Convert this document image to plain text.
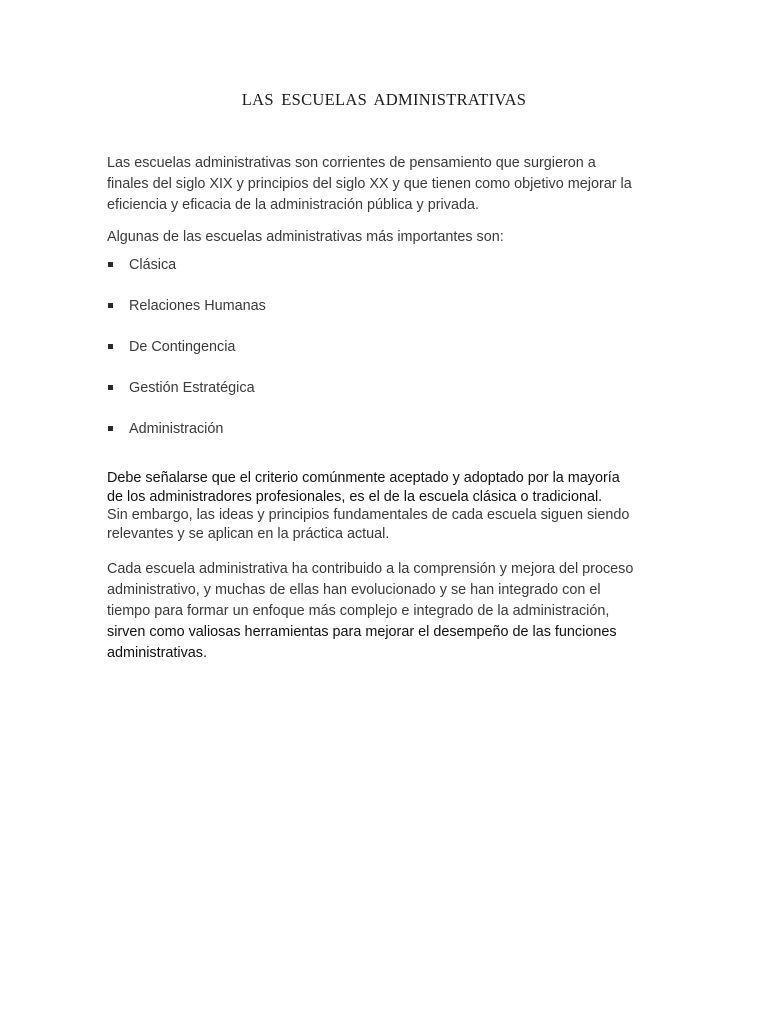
LAS ESCUELAS ADMINISTRATIVAS

Las escuelas administrativas son corrientes de pensamiento que surgieron a
finales del siglo XIX y principios del siglo XX y que tienen como objetivo mejorar la
eficiencia y eficacia de la administración pública y privada.

Algunas de las escuelas administrativas más importantes son:

Clásica
Relaciones Humanas
De Contingencia
Gestión Estratégica
Administración

Debe señalarse que el criterio comúnmente aceptado y adoptado por la mayoría
de los administradores profesionales, es el de la escuela clásica o tradicional.
Sin embargo, las ideas y principios fundamentales de cada escuela siguen siendo
relevantes y se aplican en la práctica actual.

Cada escuela administrativa ha contribuido a la comprensión y mejora del proceso
administrativo, y muchas de ellas han evolucionado y se han integrado con el
tiempo para formar un enfoque más complejo e integrado de la administración,
sirven como valiosas herramientas para mejorar el desempeño de las funciones
administrativas.
